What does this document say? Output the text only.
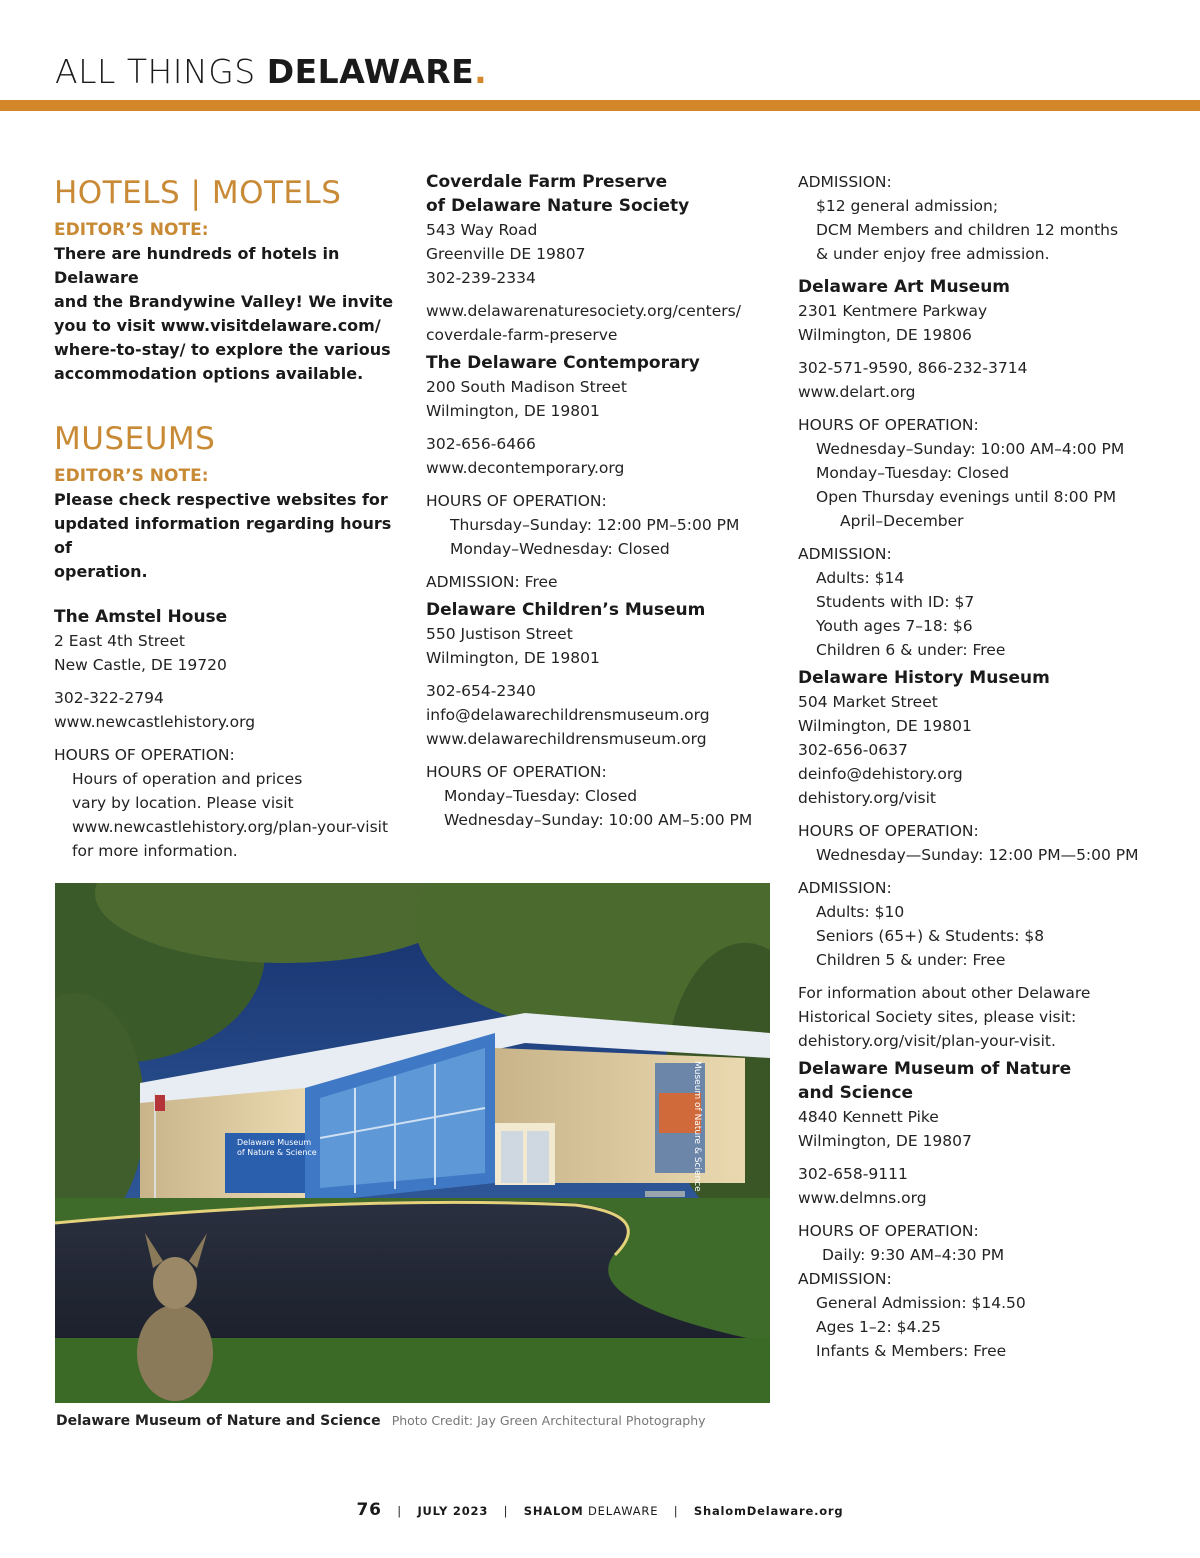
ALL THINGS DELAWARE.
HOTELS | MOTELS
EDITOR’S NOTE:
There are hundreds of hotels in Delaware
and the Brandywine Valley! We invite
you to visit www.visitdelaware.com/
where-to-stay/ to explore the various
accommodation options available.
MUSEUMS
EDITOR’S NOTE:
Please check respective websites for
updated information regarding hours of
operation.
The Amstel House
2 East 4th Street
New Castle, DE 19720
302-322-2794
www.newcastlehistory.org
HOURS OF OPERATION:
Hours of operation and prices
vary by location. Please visit
www.newcastlehistory.org/plan-your-visit
for more information.
Coverdale Farm Preserve
of Delaware Nature Society
543 Way Road
Greenville DE 19807
302-239-2334
www.delawarenaturesociety.org/centers/
coverdale-farm-preserve
The Delaware Contemporary
200 South Madison Street
Wilmington, DE 19801
302-656-6466
www.decontemporary.org
HOURS OF OPERATION:
Thursday–Sunday: 12:00 PM–5:00 PM
Monday–Wednesday: Closed
ADMISSION: Free
Delaware Children’s Museum
550 Justison Street
Wilmington, DE 19801
302-654-2340
info@delawarechildrensmuseum.org
www.delawarechildrensmuseum.org
HOURS OF OPERATION:
Monday–Tuesday: Closed
Wednesday–Sunday: 10:00 AM–5:00 PM
ADMISSION:
$12 general admission;
DCM Members and children 12 months
& under enjoy free admission.
Delaware Art Museum
2301 Kentmere Parkway
Wilmington, DE 19806
302-571-9590, 866-232-3714
www.delart.org
HOURS OF OPERATION:
Wednesday–Sunday: 10:00 AM–4:00 PM
Monday–Tuesday: Closed
Open Thursday evenings until 8:00 PM
April–December
ADMISSION:
Adults: $14
Students with ID: $7
Youth ages 7–18: $6
Children 6 & under: Free
Delaware History Museum
504 Market Street
Wilmington, DE 19801
302-656-0637
deinfo@dehistory.org
dehistory.org/visit
HOURS OF OPERATION:
Wednesday—Sunday: 12:00 PM—5:00 PM
ADMISSION:
Adults: $10
Seniors (65+) & Students: $8
Children 5 & under: Free
For information about other Delaware
Historical Society sites, please visit:
dehistory.org/visit/plan-your-visit.
Delaware Museum of Nature
and Science
4840 Kennett Pike
Wilmington, DE 19807
302-658-9111
www.delmns.org
HOURS OF OPERATION:
Daily: 9:30 AM–4:30 PM
ADMISSION:
General Admission: $14.50
Ages 1–2: $4.25
Infants & Members: Free
Museum of Nature & Science
Delaware Museum
of Nature & Science
Delaware Museum of Nature and Science Photo Credit: Jay Green Architectural Photography
76 | JULY 2023 | SHALOM DELAWARE | ShalomDelaware.org
